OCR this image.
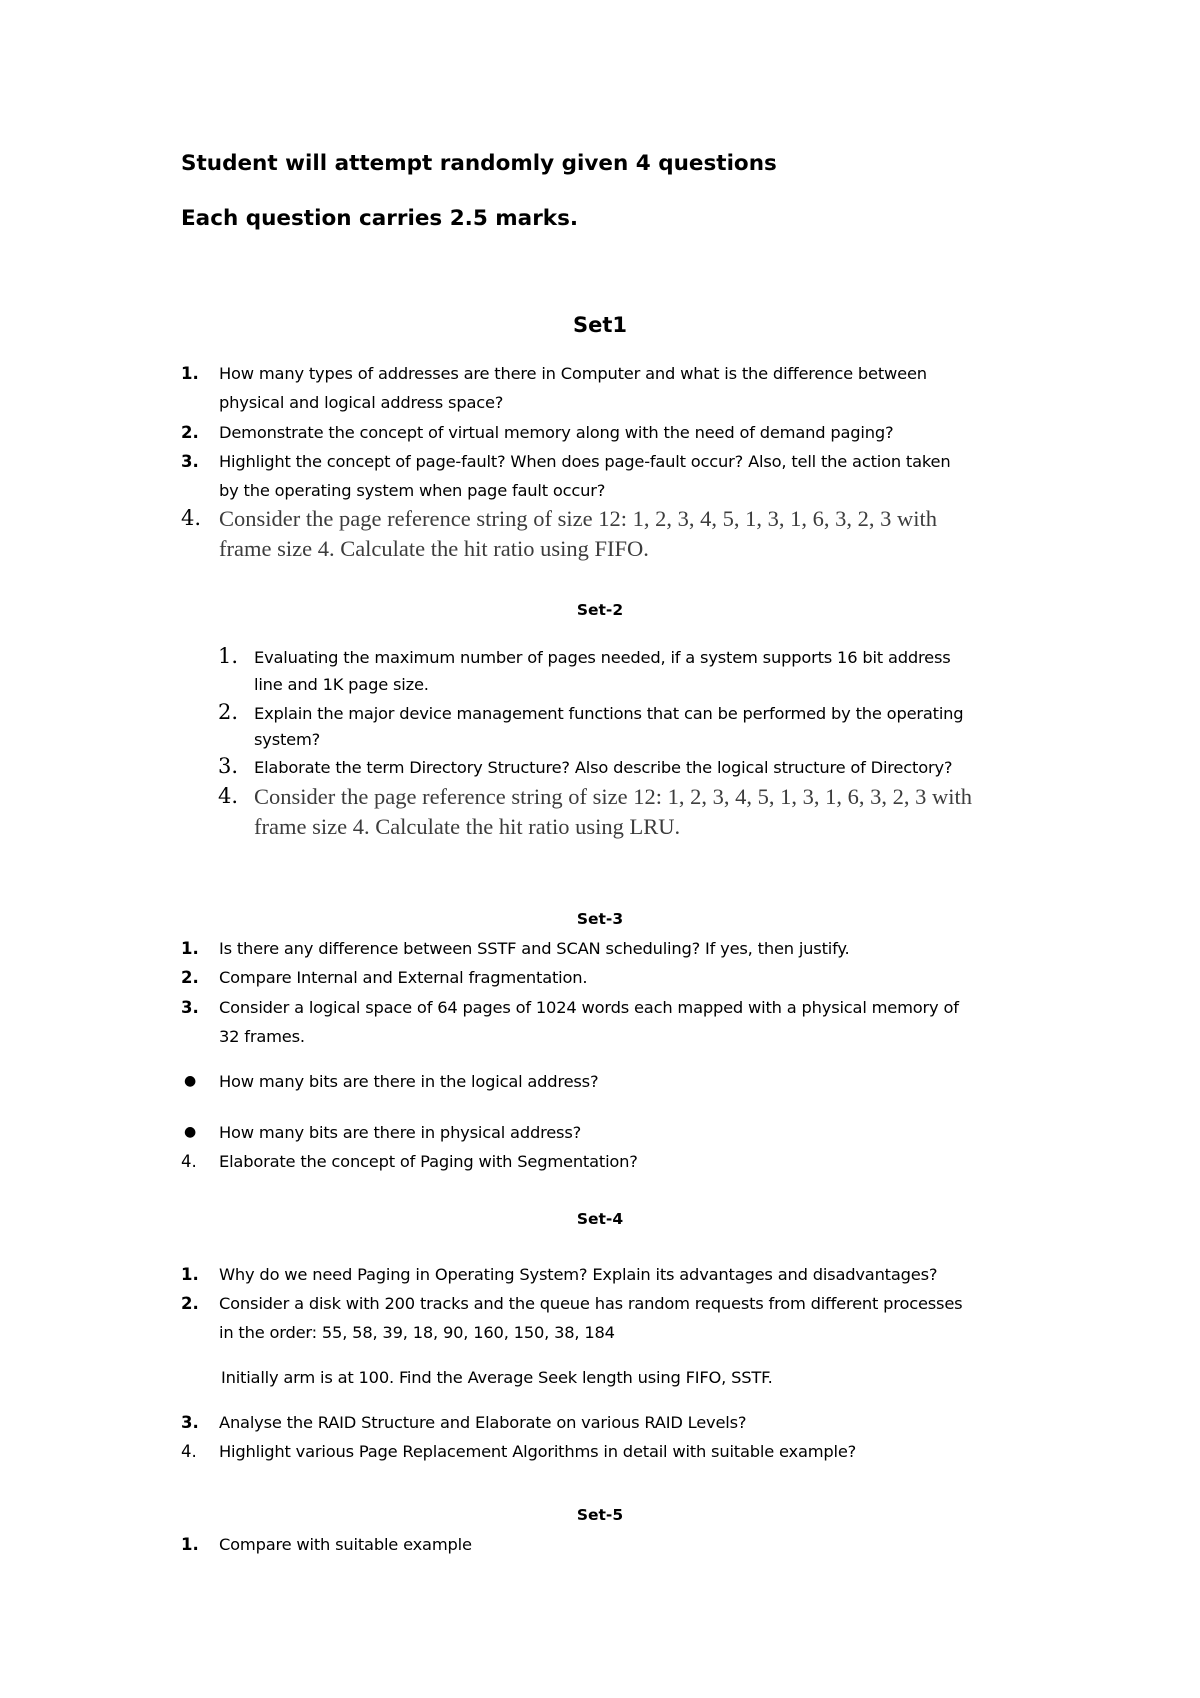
Student will attempt randomly given 4 questions
Each question carries 2.5 marks.
Set1
1. How many types of addresses are there in Computer and what is the difference between
physical and logical address space?
2. Demonstrate the concept of virtual memory along with the need of demand paging?
3. Highlight the concept of page-fault? When does page-fault occur? Also, tell the action taken
by the operating system when page fault occur?
4. Consider the page reference string of size 12: 1, 2, 3, 4, 5, 1, 3, 1, 6, 3, 2, 3 with
frame size 4. Calculate the hit ratio using FIFO.
Set-2
1. Evaluating the maximum number of pages needed, if a system supports 16 bit address
line and 1K page size.
2. Explain the major device management functions that can be performed by the operating
system?
3. Elaborate the term Directory Structure? Also describe the logical structure of Directory?
4. Consider the page reference string of size 12: 1, 2, 3, 4, 5, 1, 3, 1, 6, 3, 2, 3 with
frame size 4. Calculate the hit ratio using LRU.
Set-3
1. Is there any difference between SSTF and SCAN scheduling? If yes, then justify.
2. Compare Internal and External fragmentation.
3. Consider a logical space of 64 pages of 1024 words each mapped with a physical memory of
32 frames.
● How many bits are there in the logical address?
● How many bits are there in physical address?
4. Elaborate the concept of Paging with Segmentation?
Set-4
1. Why do we need Paging in Operating System? Explain its advantages and disadvantages?
2. Consider a disk with 200 tracks and the queue has random requests from different processes
in the order: 55, 58, 39, 18, 90, 160, 150, 38, 184
Initially arm is at 100. Find the Average Seek length using FIFO, SSTF.
3. Analyse the RAID Structure and Elaborate on various RAID Levels?
4. Highlight various Page Replacement Algorithms in detail with suitable example?
Set-5
1. Compare with suitable example
